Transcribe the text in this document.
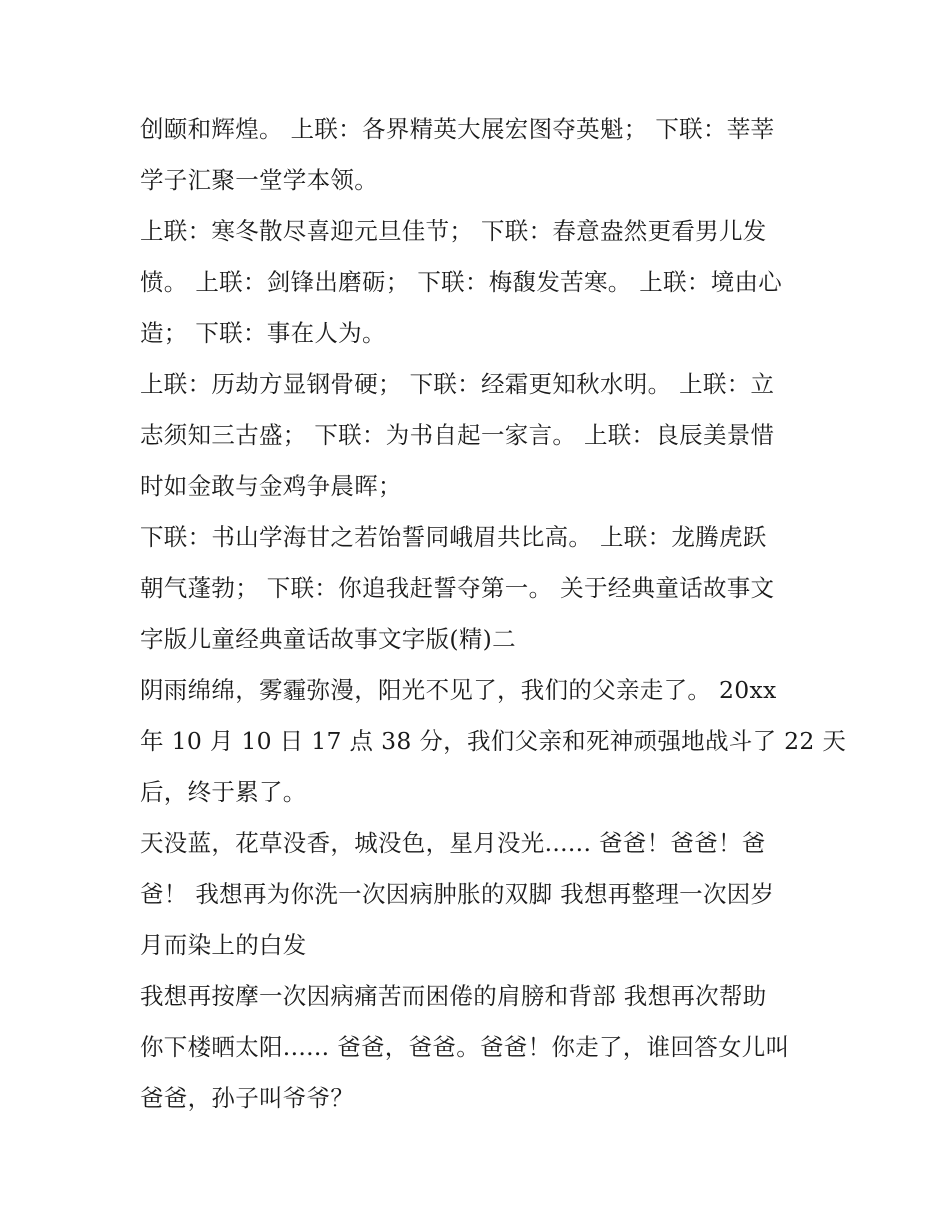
创颐和辉煌。 上联：各界精英大展宏图夺英魁； 下联：莘莘
学子汇聚一堂学本领。
上联：寒冬散尽喜迎元旦佳节； 下联：春意盎然更看男儿发
愤。 上联：剑锋出磨砺； 下联：梅馥发苦寒。 上联：境由心
造； 下联：事在人为。
上联：历劫方显钢骨硬； 下联：经霜更知秋水明。 上联：立
志须知三古盛； 下联：为书自起一家言。 上联：良辰美景惜
时如金敢与金鸡争晨晖；
下联：书山学海甘之若饴誓同峨眉共比高。 上联：龙腾虎跃
朝气蓬勃； 下联：你追我赶誓夺第一。 关于经典童话故事文
字版儿童经典童话故事文字版(精)二
阴雨绵绵，雾霾弥漫，阳光不见了，我们的父亲走了。 20xx
年 10 月 10 日 17 点 38 分，我们父亲和死神顽强地战斗了 22 天
后，终于累了。
天没蓝，花草没香，城没色，星月没光...... 爸爸！爸爸！爸
爸！ 我想再为你洗一次因病肿胀的双脚 我想再整理一次因岁
月而染上的白发
我想再按摩一次因病痛苦而困倦的肩膀和背部 我想再次帮助
你下楼晒太阳...... 爸爸，爸爸。爸爸！你走了，谁回答女儿叫
爸爸，孙子叫爷爷？
